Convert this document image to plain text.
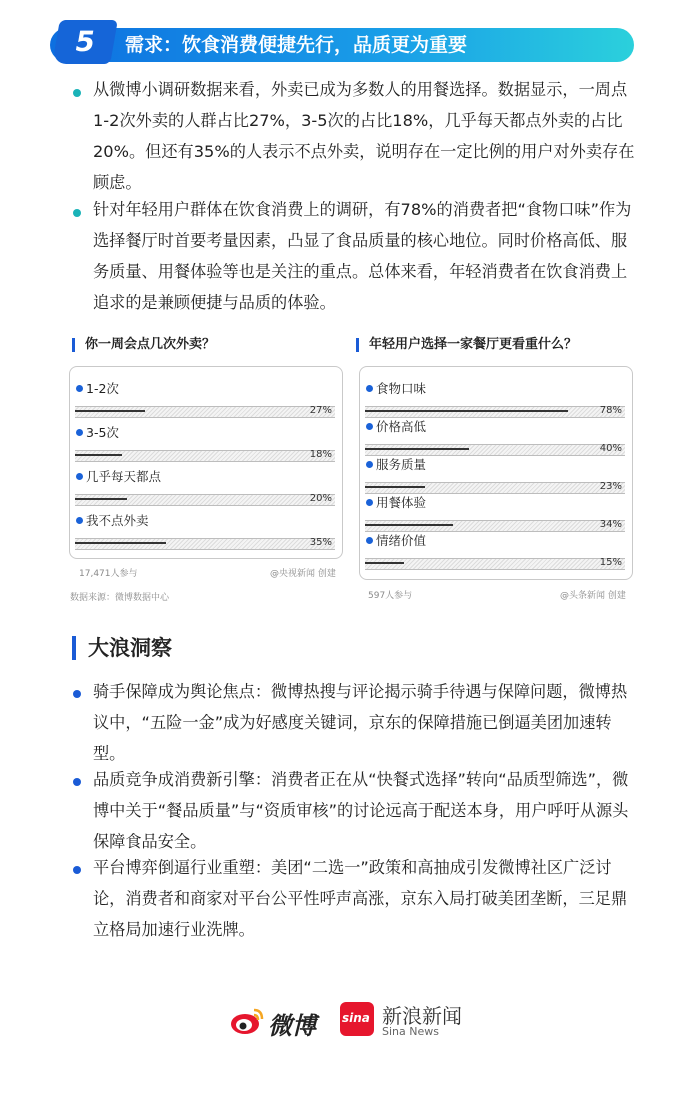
5	需求：饮食消费便捷先行，品质更为重要
从微博小调研数据来看，外卖已成为多数人的用餐选择。数据显示，一周点1-2次外卖的人群占比27%，3-5次的占比18%，几乎每天都点外卖的占比20%。但还有35%的人表示不点外卖，说明存在一定比例的用户对外卖存在顾虑。
针对年轻用户群体在饮食消费上的调研，有78%的消费者把“食物口味”作为选择餐厅时首要考量因素，凸显了食品质量的核心地位。同时价格高低、服务质量、用餐体验等也是关注的重点。总体来看，年轻消费者在饮食消费上追求的是兼顾便捷与品质的体验。
你一周会点几次外卖？
1-2次
27%
3-5次
18%
几乎每天都点
20%
我不点外卖
35%
17,471人参与	@央视新闻 创建
数据来源：微博数据中心
年轻用户选择一家餐厅更看重什么？
食物口味
78%
价格高低
40%
服务质量
23%
用餐体验
34%
情绪价值
15%
597人参与	@头条新闻 创建
大浪洞察
骑手保障成为舆论焦点：微博热搜与评论揭示骑手待遇与保障问题，微博热议中，“五险一金”成为好感度关键词，京东的保障措施已倒逼美团加速转型。
品质竞争成消费新引擎：消费者正在从“快餐式选择”转向“品质型筛选”，微博中关于“餐品质量”与“资质审核”的讨论远高于配送本身，用户呼吁从源头保障食品安全。
平台博弈倒逼行业重塑：美团“二选一”政策和高抽成引发微博社区广泛讨论，消费者和商家对平台公平性呼声高涨，京东入局打破美团垄断，三足鼎立格局加速行业洗牌。
微博 sina 新浪新闻
Sina News
